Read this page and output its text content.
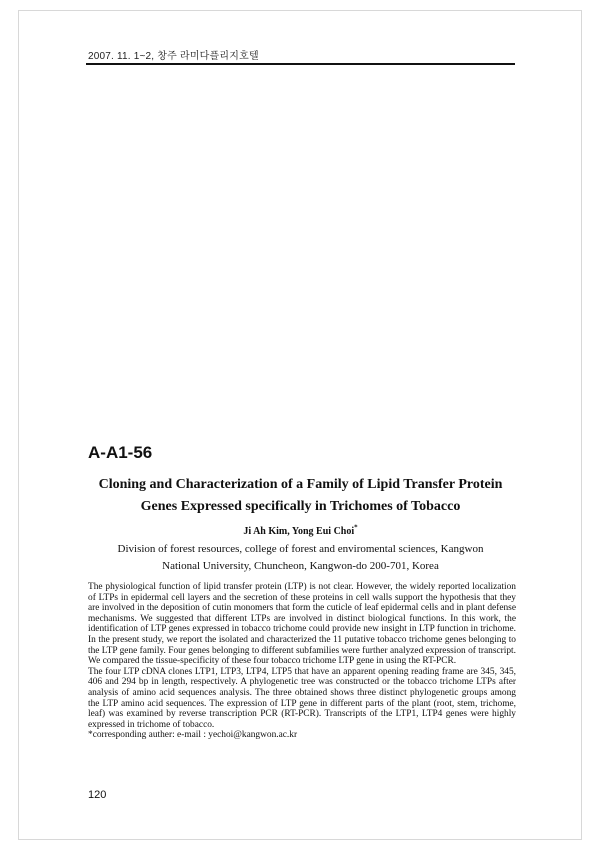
2007. 11. 1~2, 창주 라미다플리지호텔
A-A1-56
Cloning and Characterization of a Family of Lipid Transfer Protein
Genes Expressed specifically in Trichomes of Tobacco
Ji Ah Kim, Yong Eui Choi*
Division of forest resources, college of forest and enviromental sciences, Kangwon
National University, Chuncheon, Kangwon-do 200-701, Korea

The physiological function of lipid transfer protein (LTP) is not clear. However, the widely reported localization of LTPs in epidermal cell layers and the secretion of these proteins in cell walls support the hypothesis that they are involved in the deposition of cutin monomers that form the cuticle of leaf epidermal cells and in plant defense mechanisms. We suggested that different LTPs are involved in distinct biological functions. In this work, the identification of LTP genes expressed in tobacco trichome could provide new insight in LTP function in trichome. In the present study, we report the isolated and characterized the 11 putative tobacco trichome genes belonging to the LTP gene family. Four genes belonging to different subfamilies were further analyzed expression of transcript. We compared the tissue-specificity of these four tobacco trichome LTP gene in using the RT-PCR.

The four LTP cDNA clones LTP1, LTP3, LTP4, LTP5 that have an apparent opening reading frame are 345, 345, 406 and 294 bp in length, respectively. A phylogenetic tree was constructed or the tobacco trichome LTPs after analysis of amino acid sequences analysis. The three obtained shows three distinct phylogenetic groups among the LTP amino acid sequences. The expression of LTP gene in different parts of the plant (root, stem, trichome, leaf) was examined by reverse transcription PCR (RT-PCR). Transcripts of the LTP1, LTP4 genes were highly expressed in trichome of tobacco.

*corresponding auther: e-mail : yechoi@kangwon.ac.kr

120
